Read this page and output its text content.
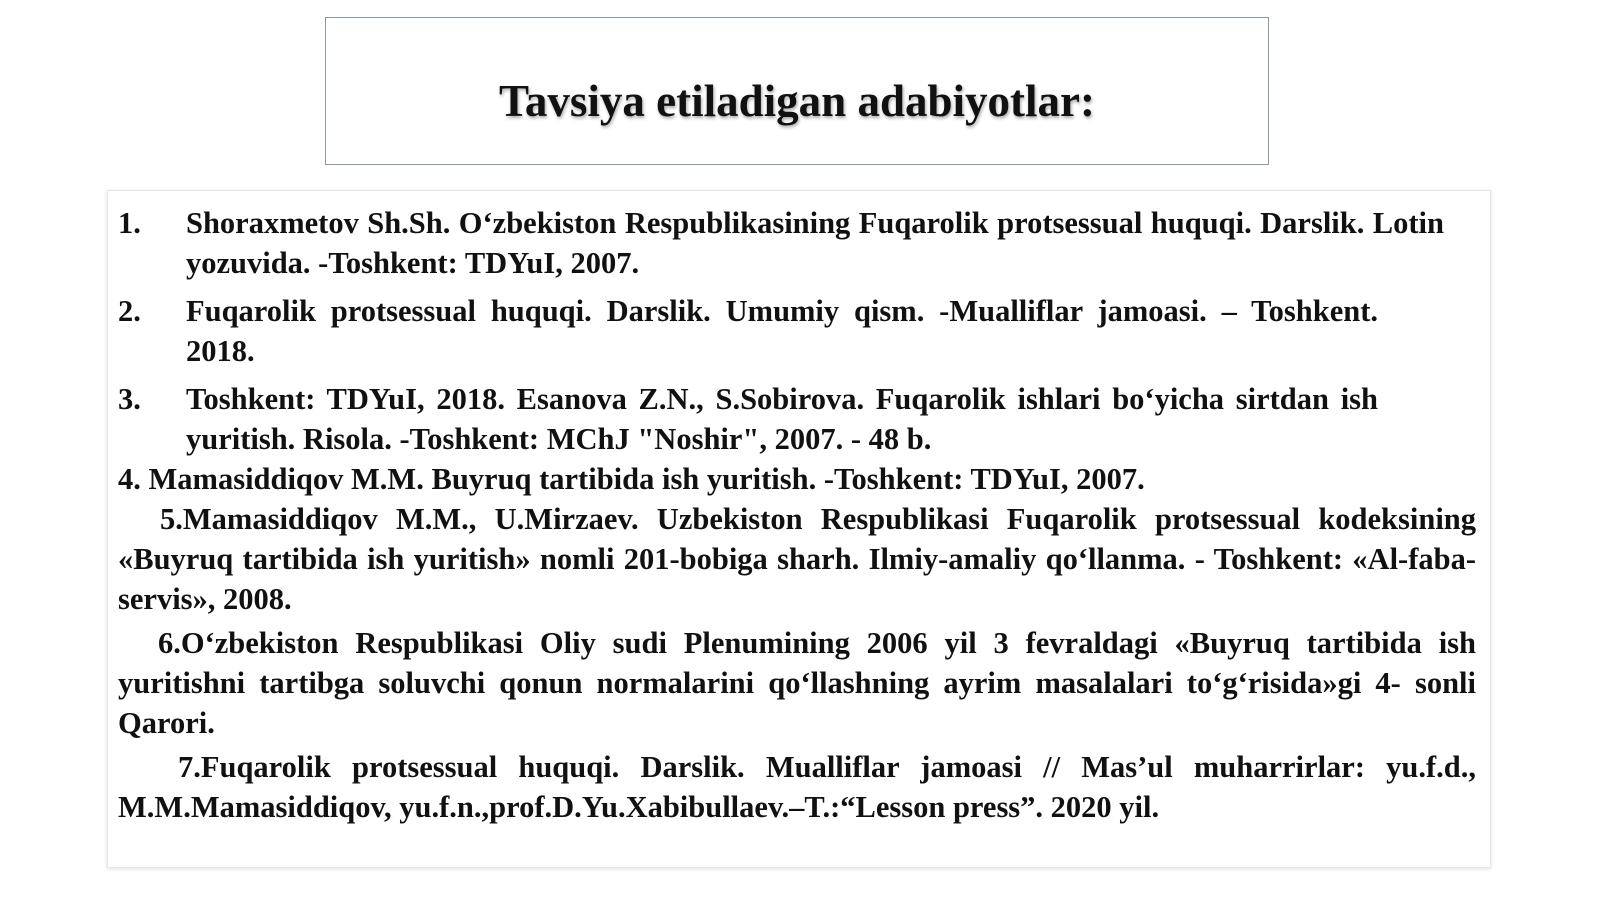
Tavsiya etiladigan adabiyotlar:
1. Shoraxmetov Sh.Sh. O‘zbekiston Respublikasining Fuqarolik protsessual huquqi. Darslik. Lotin yozuvida. -Toshkent: TDYuI, 2007.
2. Fuqarolik protsessual huquqi. Darslik. Umumiy qism. -Mualliflar jamoasi. – Toshkent. 2018.
3. Toshkent: TDYuI, 2018. Esanova Z.N., S.Sobirova. Fuqarolik ishlari bo‘yicha sirtdan ish yuritish. Risola. -Toshkent: MChJ "Noshir", 2007. - 48 b.
4. Mamasiddiqov M.M. Buyruq tartibida ish yuritish. -Toshkent: TDYuI, 2007.
5.Mamasiddiqov M.M., U.Mirzaev. Uzbekiston Respublikasi Fuqarolik protsessual kodeksining «Buyruq tartibida ish yuritish» nomli 201-bobiga sharh. Ilmiy-amaliy qo‘llanma. - Toshkent: «Al-faba-servis», 2008.
6.O‘zbekiston Respublikasi Oliy sudi Plenumining 2006 yil 3 fevraldagi «Buyruq tartibida ish yuritishni tartibga soluvchi qonun normalarini qo‘llashning ayrim masalalari to‘g‘risida»gi 4- sonli Qarori.
7.Fuqarolik protsessual huquqi. Darslik. Mualliflar jamoasi // Mas’ul muharrirlar: yu.f.d., M.M.Mamasiddiqov, yu.f.n.,prof.D.Yu.Xabibullaev.–T.:“Lesson press”. 2020 yil.
